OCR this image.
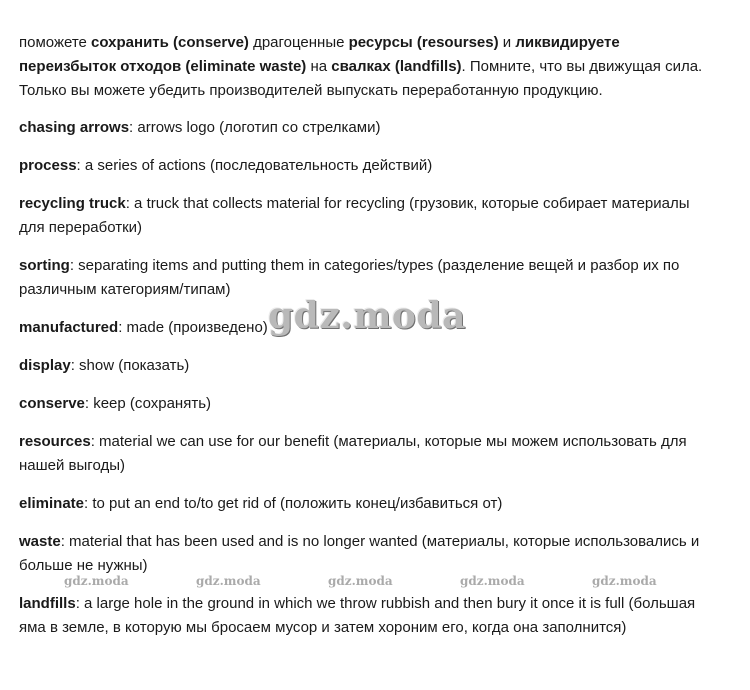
поможете сохранить (conserve) драгоценные ресурсы (resourses) и ликвидируете переизбыток отходов (eliminate waste) на свалках (landfills). Помните, что вы движущая сила. Только вы можете убедить производителей выпускать переработанную продукцию.

chasing arrows: arrows logo (логотип со стрелками)

process: a series of actions (последовательность действий)

recycling truck: a truck that collects material for recycling (грузовик, которые собирает материалы для переработки)

sorting: separating items and putting them in categories/types (разделение вещей и разбор их по различным категориям/типам)

manufactured: made (произведено)

display: show (показать)

conserve: keep (сохранять)

resources: material we can use for our benefit (материалы, которые мы можем использовать для нашей выгоды)

eliminate: to put an end to/to get rid of (положить конец/избавиться от)

waste: material that has been used and is no longer wanted (материалы, которые использовались и больше не нужны)

landfills: a large hole in the ground in which we throw rubbish and then bury it once it is full (большая яма в земле, в которую мы бросаем мусор и затем хороним его, когда она заполнится)

gdz.moda
gdz.moda	gdz.moda	gdz.moda	gdz.moda	gdz.moda
